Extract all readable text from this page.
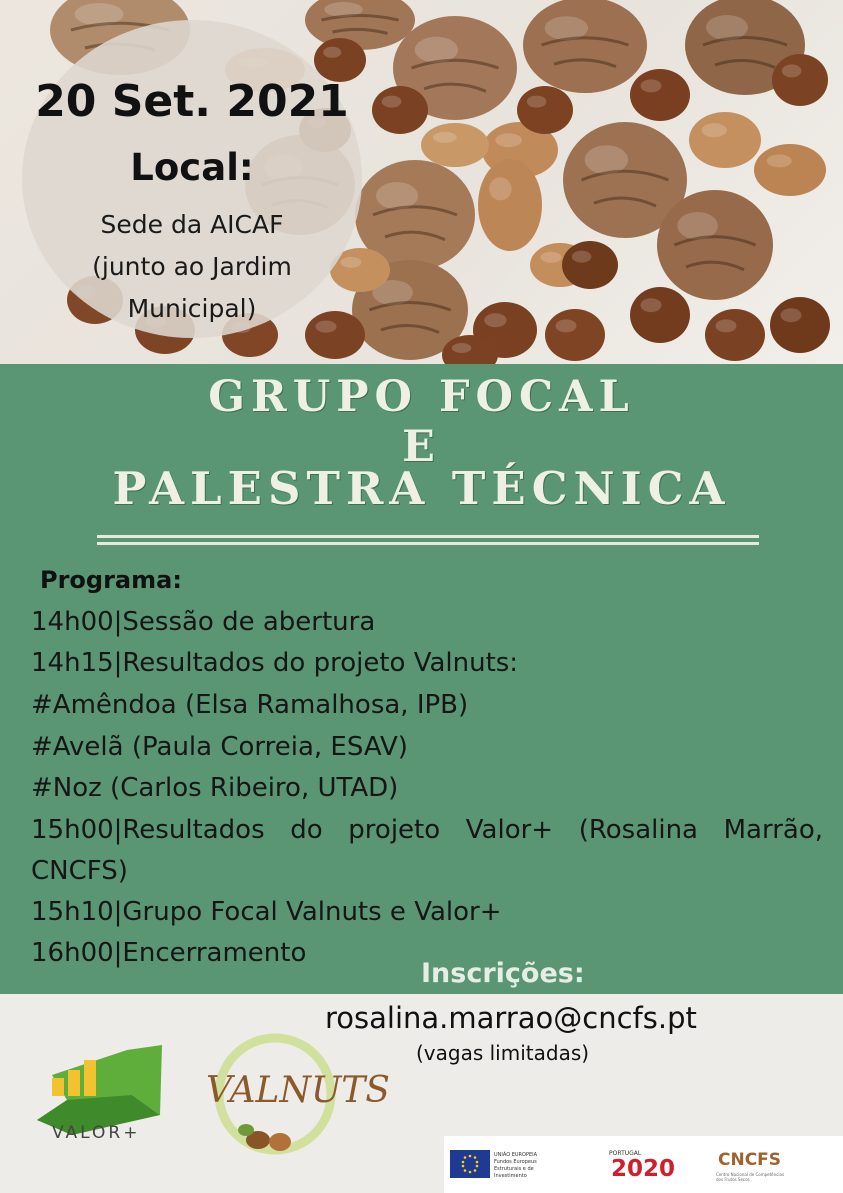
20 Set. 2021
Local:
Sede da AICAF
(junto ao Jardim
Municipal)
GRUPO FOCAL
E
PALESTRA TÉCNICA
Programa:
14h00|Sessão de abertura
14h15|Resultados do projeto Valnuts:
#Amêndoa (Elsa Ramalhosa, IPB)
#Avelã (Paula Correia, ESAV)
#Noz (Carlos Ribeiro, UTAD)
15h00|Resultados do projeto Valor+ (Rosalina Marrão,
CNCFS)
15h10|Grupo Focal Valnuts e Valor+
16h00|Encerramento
Inscrições:
rosalina.marrao@cncfs.pt
(vagas limitadas)
VALOR+
VALNUTS
UNIÃO EUROPEIA Fundos Europeus Estruturais e de Investimento
PORTUGAL
2020	CNCFS
Centro Nacional de Competências dos Frutos Secos
